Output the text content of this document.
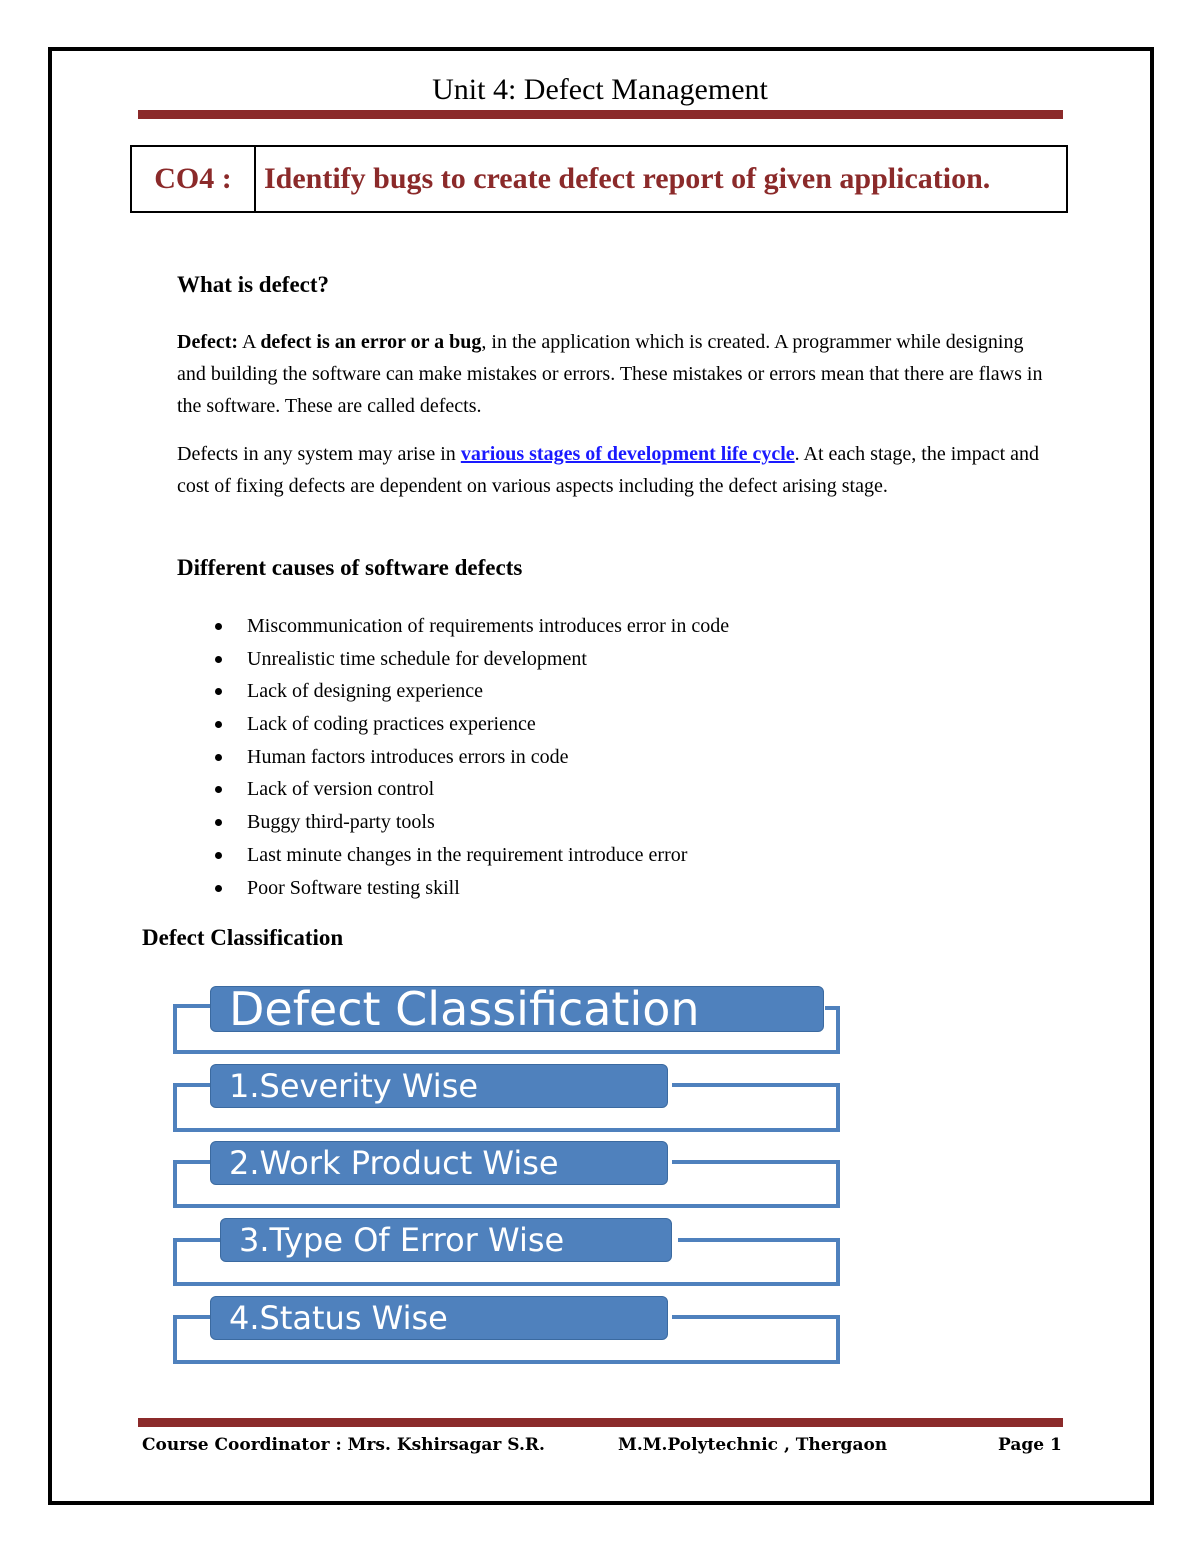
Unit 4: Defect Management
CO4 :	Identify bugs to create defect report of given application.
What is defect?
Defect: A defect is an error or a bug, in the application which is created. A programmer while designing and building the software can make mistakes or errors. These mistakes or errors mean that there are flaws in the software. These are called defects.
Defects in any system may arise in various stages of development life cycle. At each stage, the impact and cost of fixing defects are dependent on various aspects including the defect arising stage.
Different causes of software defects
Miscommunication of requirements introduces error in code
Unrealistic time schedule for development
Lack of designing experience
Lack of coding practices experience
Human factors introduces errors in code
Lack of version control
Buggy third-party tools
Last minute changes in the requirement introduce error
Poor Software testing skill
Defect Classification
Defect Classification
1.Severity Wise
2.Work Product Wise
3.Type Of Error Wise
4.Status Wise
Course Coordinator : Mrs. Kshirsagar S.R.	M.M.Polytechnic , Thergaon	Page 1
